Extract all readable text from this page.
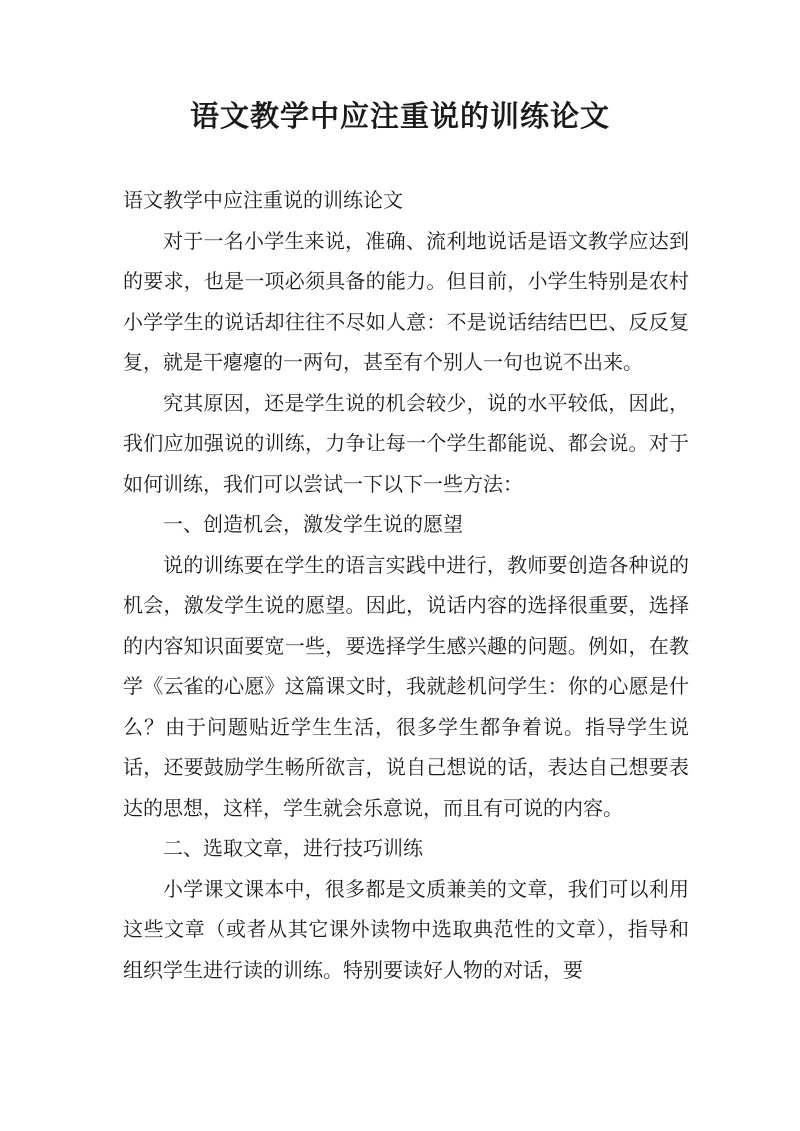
语文教学中应注重说的训练论文

语文教学中应注重说的训练论文

对于一名小学生来说，准确、流利地说话是语文教学应达到的要求，也是一项必须具备的能力。但目前，小学生特别是农村小学学生的说话却往往不尽如人意：不是说话结结巴巴、反反复复，就是干瘪瘪的一两句，甚至有个别人一句也说不出来。

究其原因，还是学生说的机会较少，说的水平较低，因此，我们应加强说的训练，力争让每一个学生都能说、都会说。对于如何训练，我们可以尝试一下以下一些方法：

一、创造机会，激发学生说的愿望

说的训练要在学生的语言实践中进行，教师要创造各种说的机会，激发学生说的愿望。因此，说话内容的选择很重要，选择的内容知识面要宽一些，要选择学生感兴趣的问题。例如，在教学《云雀的心愿》这篇课文时，我就趁机问学生：你的心愿是什么？由于问题贴近学生生活，很多学生都争着说。指导学生说话，还要鼓励学生畅所欲言，说自己想说的话，表达自己想要表达的思想，这样，学生就会乐意说，而且有可说的内容。

二、选取文章，进行技巧训练

小学课文课本中，很多都是文质兼美的文章，我们可以利用这些文章（或者从其它课外读物中选取典范性的文章），指导和组织学生进行读的训练。特别要读好人物的对话，要
